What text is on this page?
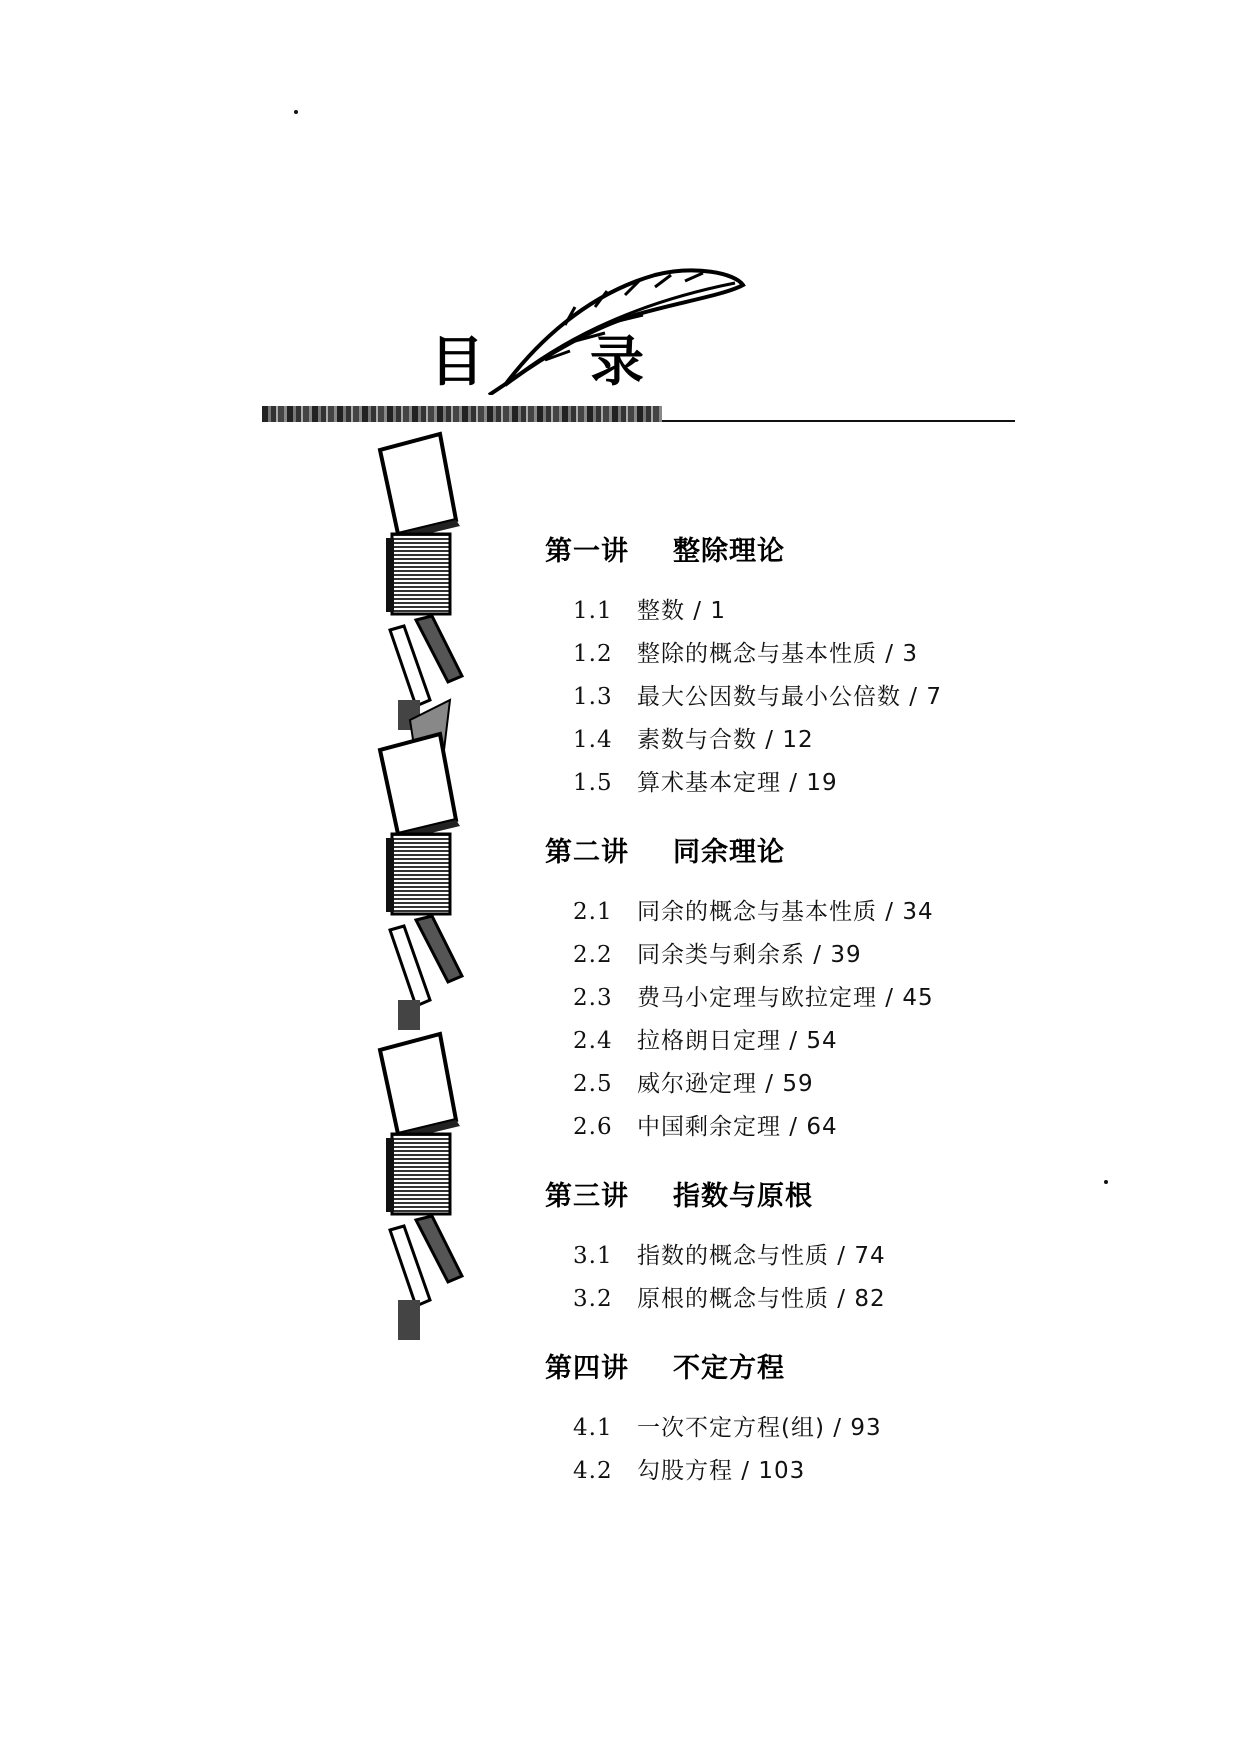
目 录
第一讲	整除理论
1.1	整数 / 1
1.2	整除的概念与基本性质 / 3
1.3	最大公因数与最小公倍数 / 7
1.4	素数与合数 / 12
1.5	算术基本定理 / 19
第二讲	同余理论
2.1	同余的概念与基本性质 / 34
2.2	同余类与剩余系 / 39
2.3	费马小定理与欧拉定理 / 45
2.4	拉格朗日定理 / 54
2.5	威尔逊定理 / 59
2.6	中国剩余定理 / 64
第三讲	指数与原根
3.1	指数的概念与性质 / 74
3.2	原根的概念与性质 / 82
第四讲	不定方程
4.1	一次不定方程(组) / 93
4.2	勾股方程 / 103
